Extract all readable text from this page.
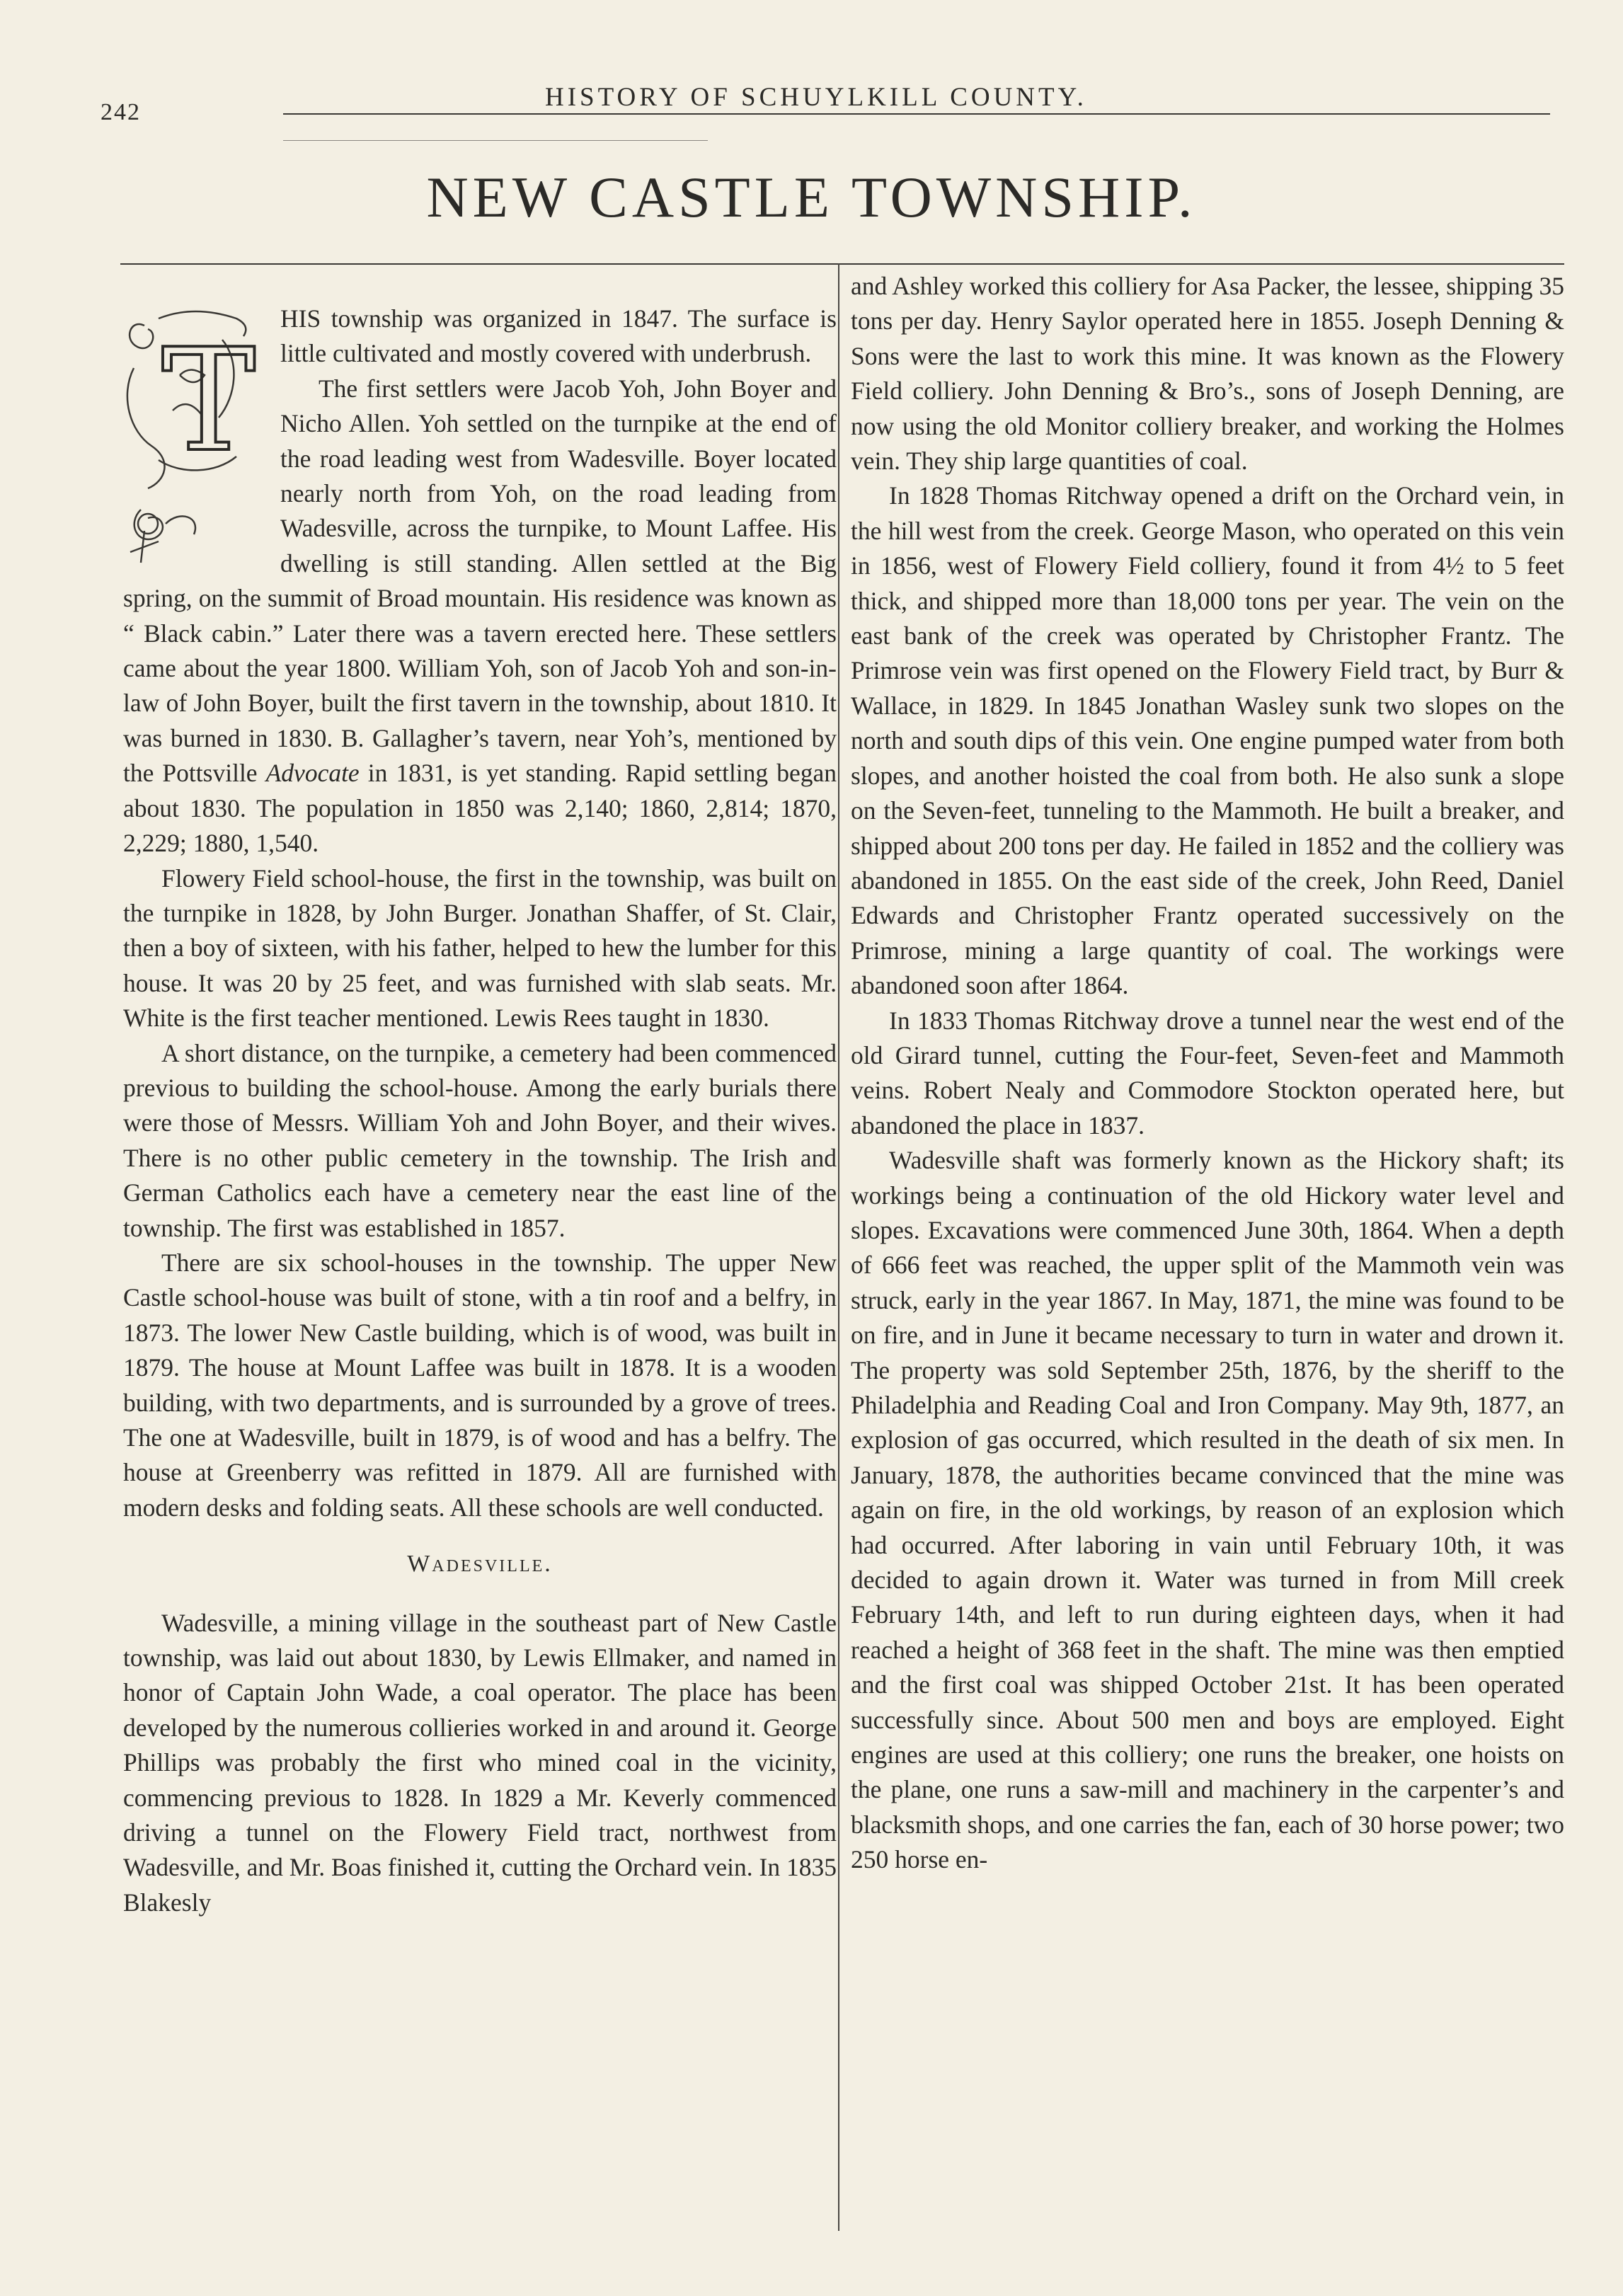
242
HISTORY OF SCHUYLKILL COUNTY.
NEW CASTLE TOWNSHIP.
T HIS township was organized in 1847. The surface is little cultivated and mostly covered with underbrush.

The first settlers were Jacob Yoh, John Boyer and Nicho Allen. Yoh settled on the turnpike at the end of the road leading west from Wadesville. Boyer located nearly north from Yoh, on the road leading from Wadesville, across the turnpike, to Mount Laffee. His dwelling is still standing. Allen settled at the Big spring, on the summit of Broad mountain. His residence was known as “ Black cabin.” Later there was a tavern erected here. These settlers came about the year 1800. William Yoh, son of Jacob Yoh and son-in-law of John Boyer, built the first tavern in the township, about 1810. It was burned in 1830. B. Gallagher’s tavern, near Yoh’s, mentioned by the Pottsville Advocate in 1831, is yet standing. Rapid settling began about 1830. The population in 1850 was 2,140; 1860, 2,814; 1870, 2,229; 1880, 1,540.

Flowery Field school-house, the first in the township, was built on the turnpike in 1828, by John Burger. Jonathan Shaffer, of St. Clair, then a boy of sixteen, with his father, helped to hew the lumber for this house. It was 20 by 25 feet, and was furnished with slab seats. Mr. White is the first teacher mentioned. Lewis Rees taught in 1830.

A short distance, on the turnpike, a cemetery had been commenced previous to building the school-house. Among the early burials there were those of Messrs. William Yoh and John Boyer, and their wives. There is no other public cemetery in the township. The Irish and German Catholics each have a cemetery near the east line of the township. The first was established in 1857.

There are six school-houses in the township. The upper New Castle school-house was built of stone, with a tin roof and a belfry, in 1873. The lower New Castle building, which is of wood, was built in 1879. The house at Mount Laffee was built in 1878. It is a wooden building, with two departments, and is surrounded by a grove of trees. The one at Wadesville, built in 1879, is of wood and has a belfry. The house at Greenberry was refitted in 1879. All are furnished with modern desks and folding seats. All these schools are well conducted.

Wadesville.

Wadesville, a mining village in the southeast part of New Castle township, was laid out about 1830, by Lewis Ellmaker, and named in honor of Captain John Wade, a coal operator. The place has been developed by the numerous collieries worked in and around it. George Phillips was probably the first who mined coal in the vicinity, commencing previous to 1828. In 1829 a Mr. Keverly commenced driving a tunnel on the Flowery Field tract, northwest from Wadesville, and Mr. Boas finished it, cutting the Orchard vein. In 1835 Blakesly

and Ashley worked this colliery for Asa Packer, the lessee, shipping 35 tons per day. Henry Saylor operated here in 1855. Joseph Denning & Sons were the last to work this mine. It was known as the Flowery Field colliery. John Denning & Bro’s., sons of Joseph Denning, are now using the old Monitor colliery breaker, and working the Holmes vein. They ship large quantities of coal.

In 1828 Thomas Ritchway opened a drift on the Orchard vein, in the hill west from the creek. George Mason, who operated on this vein in 1856, west of Flowery Field colliery, found it from 4½ to 5 feet thick, and shipped more than 18,000 tons per year. The vein on the east bank of the creek was operated by Christopher Frantz. The Primrose vein was first opened on the Flowery Field tract, by Burr & Wallace, in 1829. In 1845 Jonathan Wasley sunk two slopes on the north and south dips of this vein. One engine pumped water from both slopes, and another hoisted the coal from both. He also sunk a slope on the Seven-feet, tunneling to the Mammoth. He built a breaker, and shipped about 200 tons per day. He failed in 1852 and the colliery was abandoned in 1855. On the east side of the creek, John Reed, Daniel Edwards and Christopher Frantz operated successively on the Primrose, mining a large quantity of coal. The workings were abandoned soon after 1864.

In 1833 Thomas Ritchway drove a tunnel near the west end of the old Girard tunnel, cutting the Four-feet, Seven-feet and Mammoth veins. Robert Nealy and Commodore Stockton operated here, but abandoned the place in 1837.

Wadesville shaft was formerly known as the Hickory shaft; its workings being a continuation of the old Hickory water level and slopes. Excavations were commenced June 30th, 1864. When a depth of 666 feet was reached, the upper split of the Mammoth vein was struck, early in the year 1867. In May, 1871, the mine was found to be on fire, and in June it became necessary to turn in water and drown it. The property was sold September 25th, 1876, by the sheriff to the Philadelphia and Reading Coal and Iron Company. May 9th, 1877, an explosion of gas occurred, which resulted in the death of six men. In January, 1878, the authorities became convinced that the mine was again on fire, in the old workings, by reason of an explosion which had occurred. After laboring in vain until February 10th, it was decided to again drown it. Water was turned in from Mill creek February 14th, and left to run during eighteen days, when it had reached a height of 368 feet in the shaft. The mine was then emptied and the first coal was shipped October 21st. It has been operated successfully since. About 500 men and boys are employed. Eight engines are used at this colliery; one runs the breaker, one hoists on the plane, one runs a saw-mill and machinery in the carpenter’s and blacksmith shops, and one carries the fan, each of 30 horse power; two 250 horse en-
